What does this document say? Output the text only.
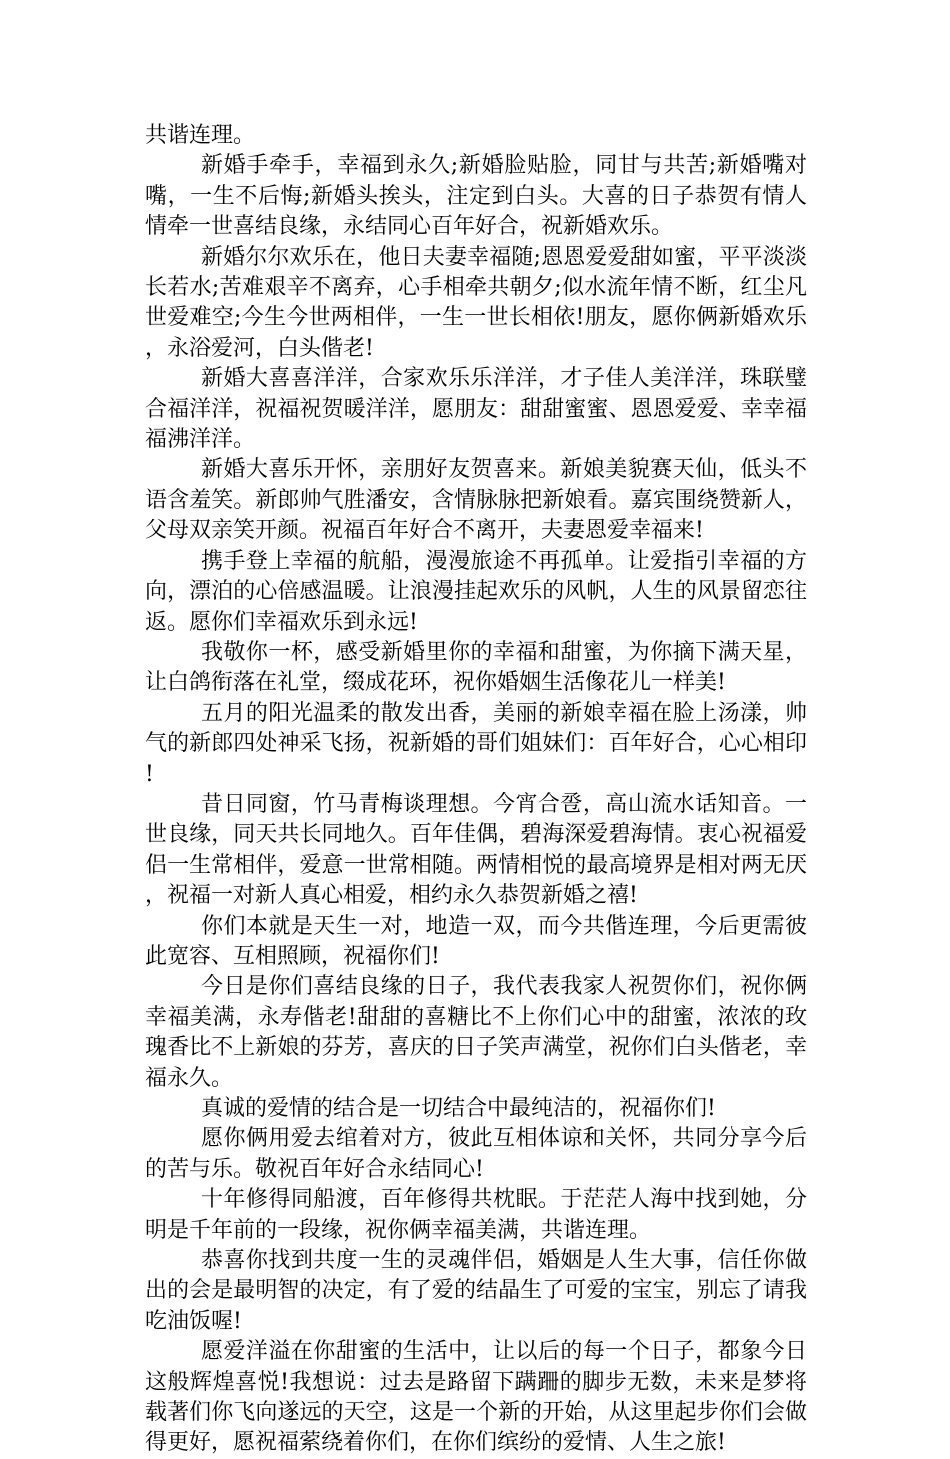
共谐连理。

新婚手牵手，幸福到永久;新婚脸贴脸，同甘与共苦;新婚嘴对嘴，一生不后悔;新婚头挨头，注定到白头。大喜的日子恭贺有情人情牵一世喜结良缘，永结同心百年好合，祝新婚欢乐。

新婚尔尔欢乐在，他日夫妻幸福随;恩恩爱爱甜如蜜，平平淡淡长若水;苦难艰辛不离弃，心手相牵共朝夕;似水流年情不断，红尘凡世爱难空;今生今世两相伴，一生一世长相依!朋友，愿你俩新婚欢乐，永浴爱河，白头偕老!

新婚大喜喜洋洋，合家欢乐乐洋洋，才子佳人美洋洋，珠联璧合福洋洋，祝福祝贺暖洋洋，愿朋友：甜甜蜜蜜、恩恩爱爱、幸幸福福沸洋洋。

新婚大喜乐开怀，亲朋好友贺喜来。新娘美貌赛天仙，低头不语含羞笑。新郎帅气胜潘安，含情脉脉把新娘看。嘉宾围绕赞新人，父母双亲笑开颜。祝福百年好合不离开，夫妻恩爱幸福来!

携手登上幸福的航船，漫漫旅途不再孤单。让爱指引幸福的方向，漂泊的心倍感温暖。让浪漫挂起欢乐的风帆，人生的风景留恋往返。愿你们幸福欢乐到永远!

我敬你一杯，感受新婚里你的幸福和甜蜜，为你摘下满天星，让白鸽衔落在礼堂，缀成花环，祝你婚姻生活像花儿一样美!

五月的阳光温柔的散发出香，美丽的新娘幸福在脸上汤漾，帅气的新郎四处神采飞扬，祝新婚的哥们姐妹们：百年好合，心心相印!

昔日同窗，竹马青梅谈理想。今宵合卺，高山流水话知音。一世良缘，同天共长同地久。百年佳偶，碧海深爱碧海情。衷心祝福爱侣一生常相伴，爱意一世常相随。两情相悦的最高境界是相对两无厌，祝福一对新人真心相爱，相约永久恭贺新婚之禧!

你们本就是天生一对，地造一双，而今共偕连理，今后更需彼此宽容、互相照顾，祝福你们!

今日是你们喜结良缘的日子，我代表我家人祝贺你们，祝你俩幸福美满，永寿偕老!甜甜的喜糖比不上你们心中的甜蜜，浓浓的玫瑰香比不上新娘的芬芳，喜庆的日子笑声满堂，祝你们白头偕老，幸福永久。

真诚的爱情的结合是一切结合中最纯洁的，祝福你们!

愿你俩用爱去绾着对方，彼此互相体谅和关怀，共同分享今后的苦与乐。敬祝百年好合永结同心!

十年修得同船渡，百年修得共枕眠。于茫茫人海中找到她，分明是千年前的一段缘，祝你俩幸福美满，共谐连理。

恭喜你找到共度一生的灵魂伴侣，婚姻是人生大事，信任你做出的会是最明智的决定，有了爱的结晶生了可爱的宝宝，别忘了请我吃油饭喔!

愿爱洋溢在你甜蜜的生活中，让以后的每一个日子，都象今日这般辉煌喜悦!我想说：过去是路留下蹒跚的脚步无数，未来是梦将载著们你飞向遂远的天空，这是一个新的开始，从这里起步你们会做得更好，愿祝福萦绕着你们，在你们缤纷的爱情、人生之旅!
